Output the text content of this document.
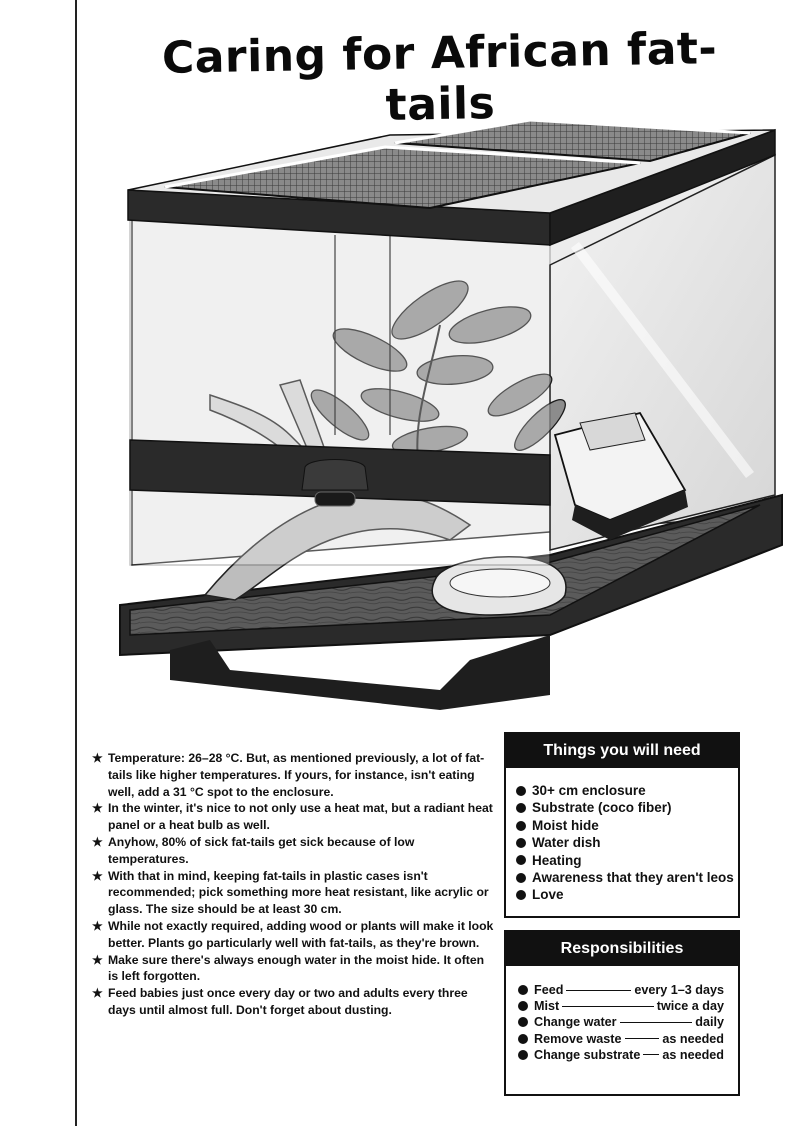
Caring for African fat-tails
★ Temperature: 26–28 °C. But, as mentioned previously, a lot of fat-tails like higher temperatures. If yours, for instance, isn't eating well, add a 31 °C spot to the enclosure.
★ In the winter, it's nice to not only use a heat mat, but a radiant heat panel or a heat bulb as well.
★ Anyhow, 80% of sick fat-tails get sick because of low temperatures.
★ With that in mind, keeping fat-tails in plastic cases isn't recommended; pick something more heat resistant, like acrylic or glass. The size should be at least 30 cm.
★ While not exactly required, adding wood or plants will make it look better. Plants go particularly well with fat-tails, as they're brown.
★ Make sure there's always enough water in the moist hide. It often is left forgotten.
★ Feed babies just once every day or two and adults every three days until almost full. Don't forget about dusting.
Things you will need
30+ cm enclosure
Substrate (coco fiber)
Moist hide
Water dish
Heating
Awareness that they aren't leos
Love
Responsibilities
Feed	every 1–3 days
Mist	twice a day
Change water	daily
Remove waste	as needed
Change substrate as needed
